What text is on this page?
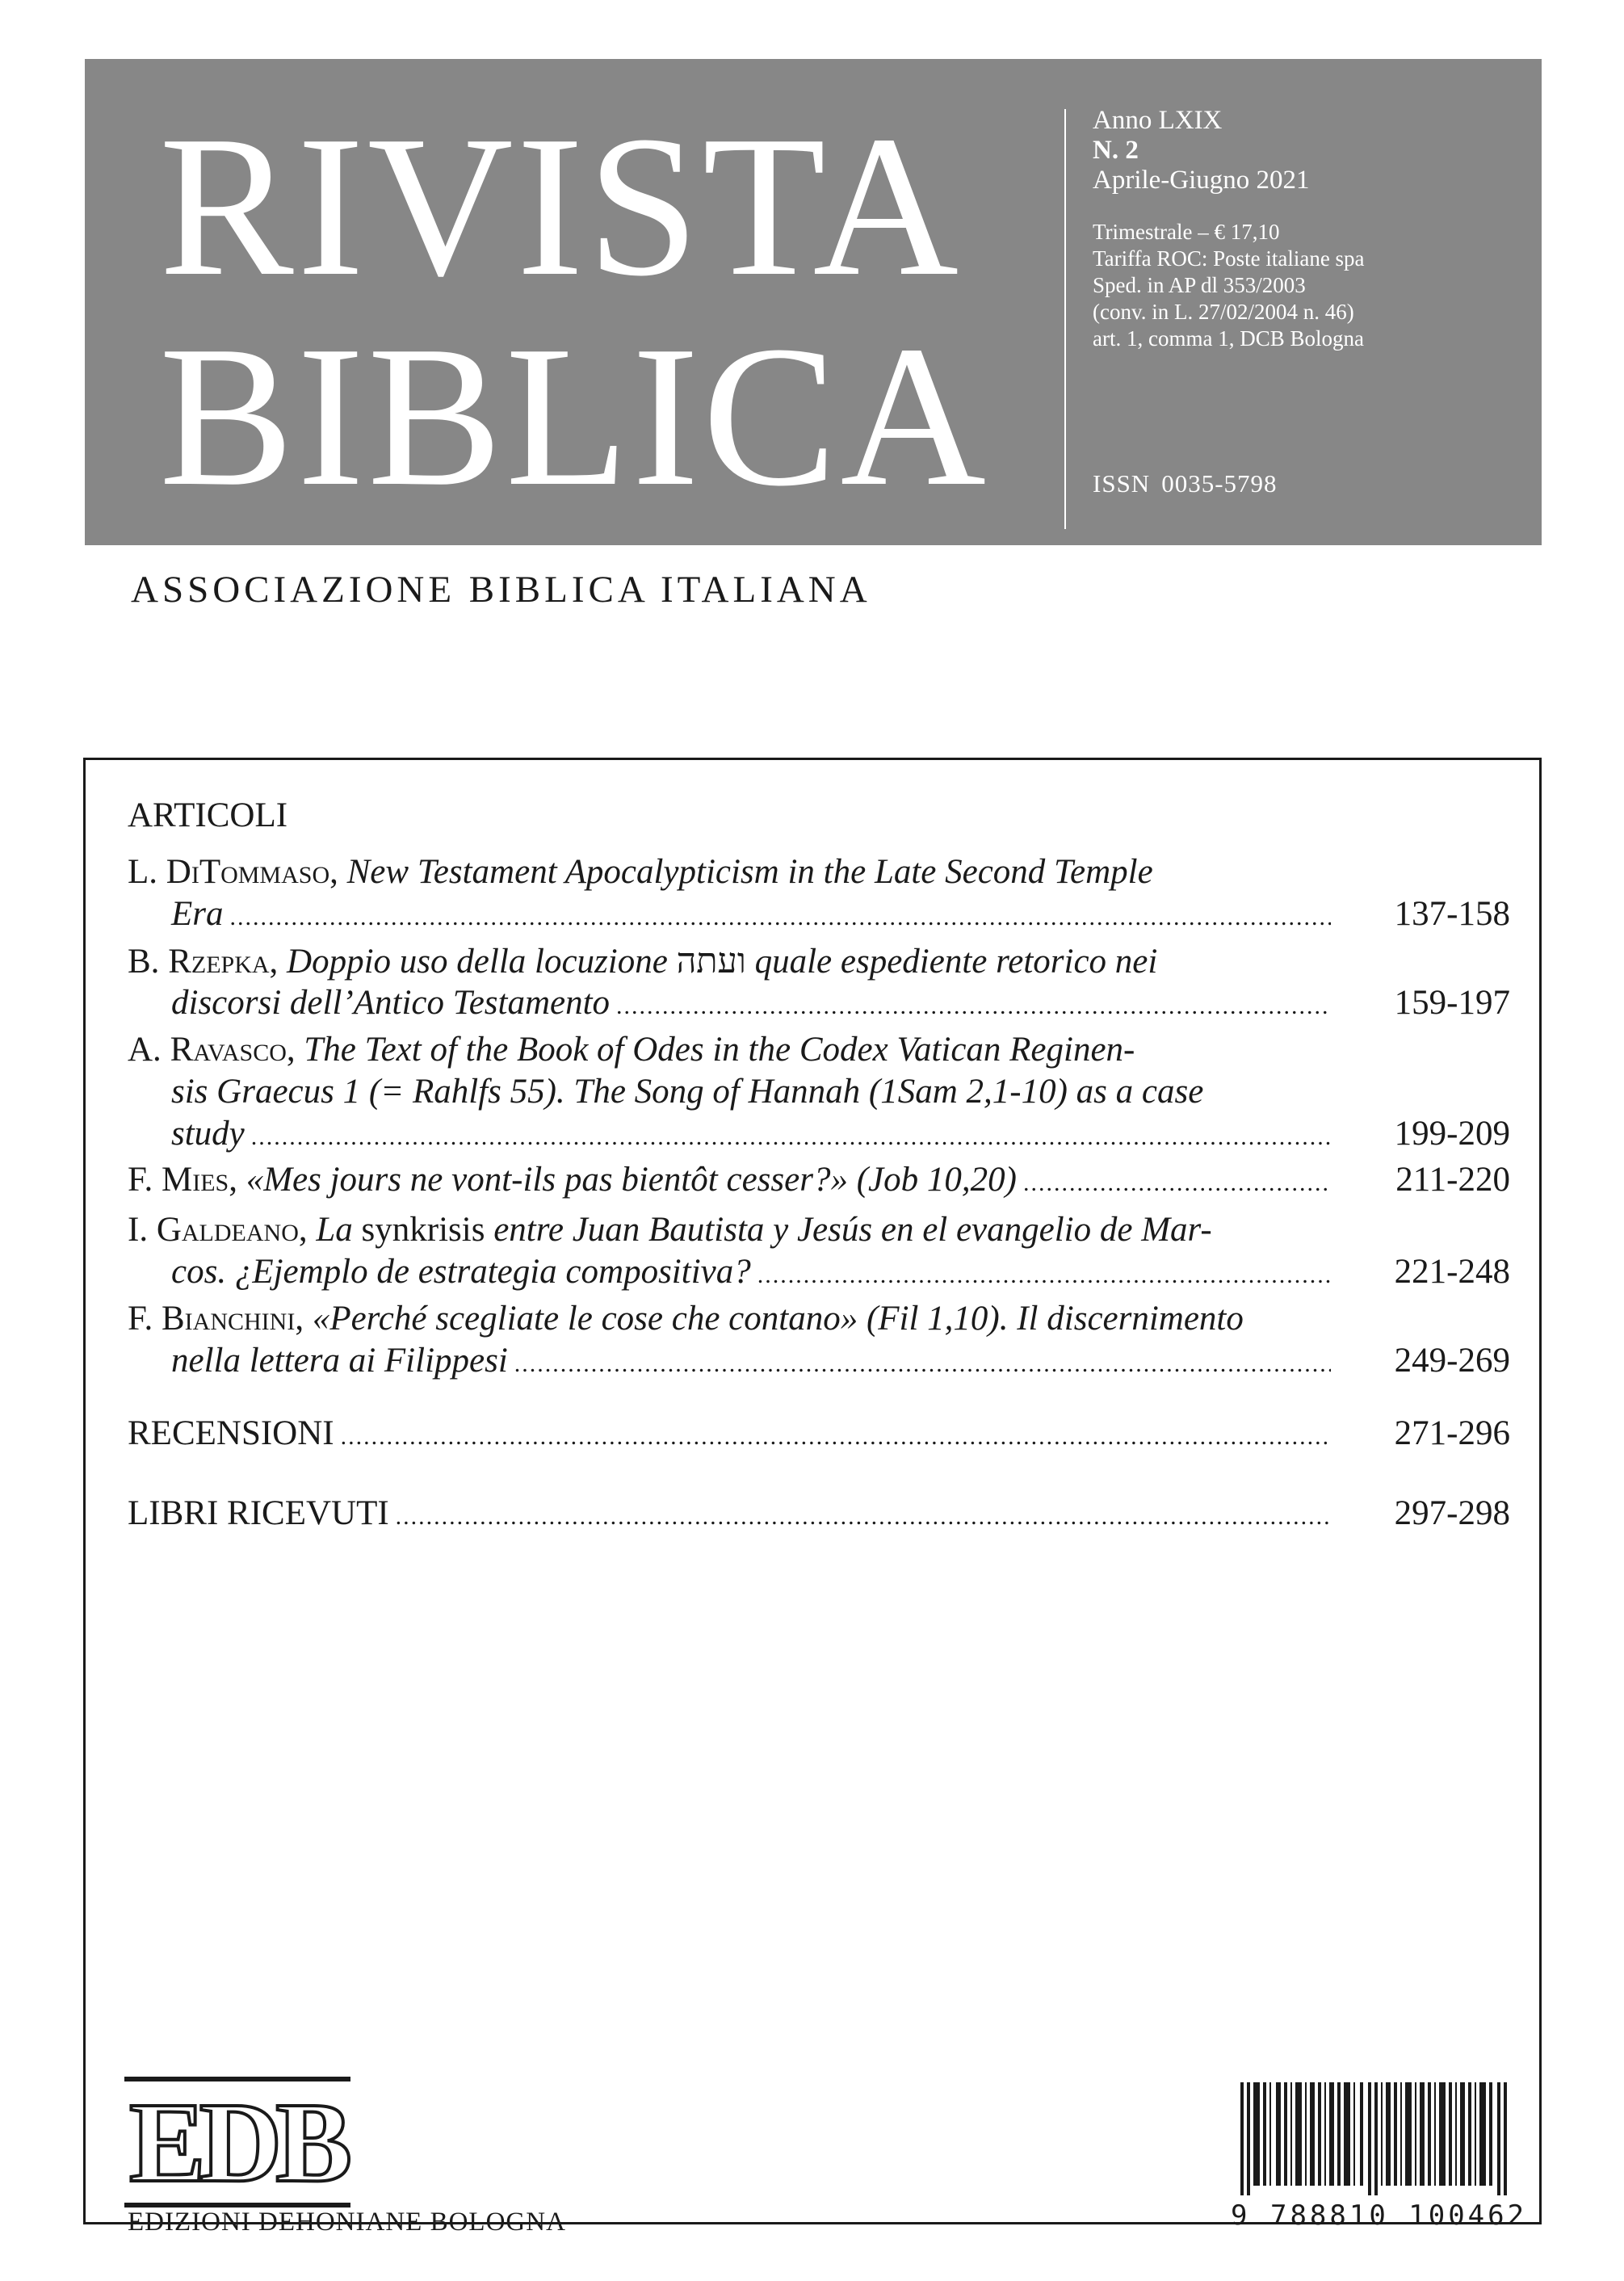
RIVISTA
BIBLICA
Anno LXIX
N. 2
Aprile-Giugno 2021
Trimestrale – € 17,10
Tariffa ROC: Poste italiane spa
Sped. in AP dl 353/2003
(conv. in L. 27/02/2004 n. 46)
art. 1, comma 1, DCB Bologna
ISSN 0035-5798
ASSOCIAZIONE BIBLICA ITALIANA
ARTICOLI
L. DiTommaso, New Testament Apocalypticism in the Late Second Temple
Era .....	137-158
B. Rzepka, Doppio uso della locuzione ועתה quale espediente retorico nei
discorsi dell’Antico Testamento .....	159-197
A. Ravasco, The Text of the Book of Odes in the Codex Vatican Reginen-
sis Graecus 1 (= Rahlfs 55). The Song of Hannah (1Sam 2,1-10) as a case
study .....	199-209
F. Mies, «Mes jours ne vont-ils pas bientôt cesser?» (Job 10,20) .....	211-220
I. Galdeano, La synkrisis entre Juan Bautista y Jesús en el evangelio de Mar-
cos. ¿Ejemplo de estrategia compositiva? .....	221-248
F. Bianchini, «Perché scegliate le cose che contano» (Fil 1,10). Il discernimento
nella lettera ai Filippesi .....	249-269
RECENSIONI .....	271-296
LIBRI RICEVUTI .....	297-298
EDB
EDIZIONI DEHONIANE BOLOGNA	9 788810 100462
